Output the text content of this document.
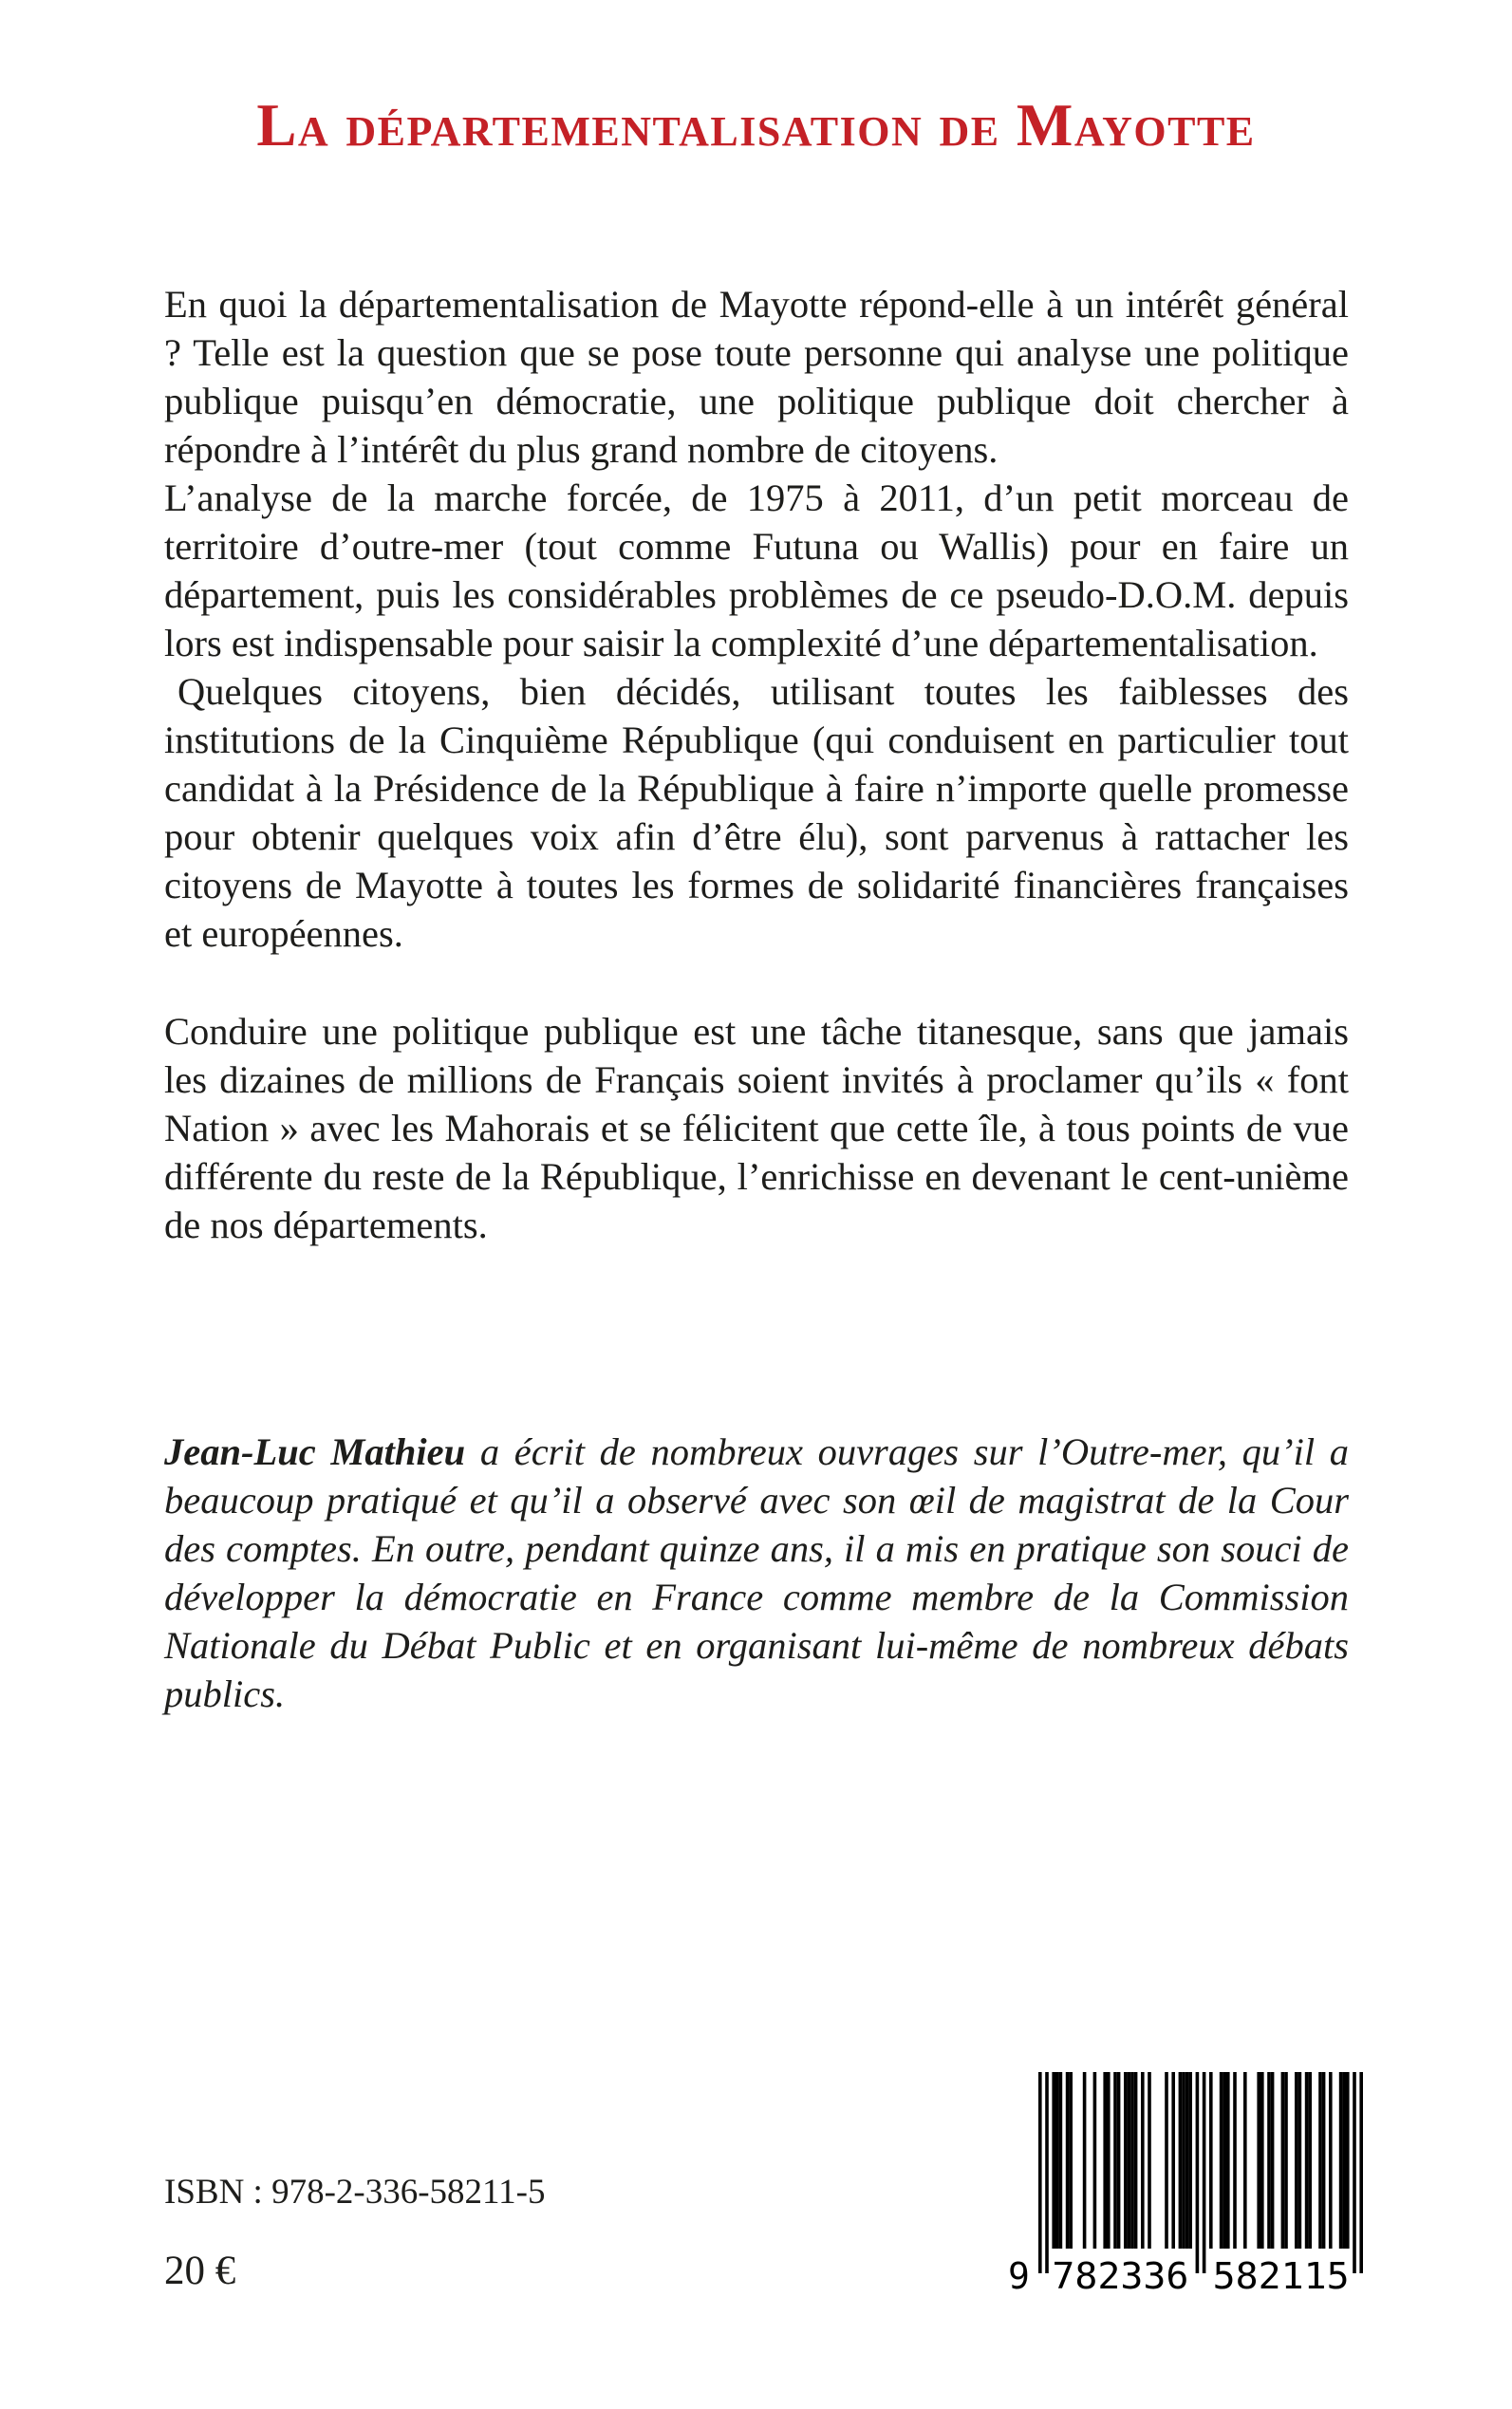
La départementalisation de Mayotte

En quoi la départementalisation de Mayotte répond-elle à un intérêt général ? Telle est la question que se pose toute personne qui analyse une politique publique puisqu’en démocratie, une politique publique doit chercher à répondre à l’intérêt du plus grand nombre de citoyens.

L’analyse de la marche forcée, de 1975 à 2011, d’un petit morceau de territoire d’outre-mer (tout comme Futuna ou Wallis) pour en faire un département, puis les considérables problèmes de ce pseudo-D.O.M. depuis lors est indispensable pour saisir la complexité d’une départementalisation.

Quelques citoyens, bien décidés, utilisant toutes les faiblesses des institutions de la Cinquième République (qui conduisent en particulier tout candidat à la Présidence de la République à faire n’importe quelle promesse pour obtenir quelques voix afin d’être élu), sont parvenus à rattacher les citoyens de Mayotte à toutes les formes de solidarité financières françaises et européennes.

Conduire une politique publique est une tâche titanesque, sans que jamais les dizaines de millions de Français soient invités à proclamer qu’ils « font Nation » avec les Mahorais et se félicitent que cette île, à tous points de vue différente du reste de la République, l’enrichisse en devenant le cent-unième de nos départements.

Jean-Luc Mathieu a écrit de nombreux ouvrages sur l’Outre-mer, qu’il a beaucoup pratiqué et qu’il a observé avec son œil de magistrat de la Cour des comptes. En outre, pendant quinze ans, il a mis en pratique son souci de développer la démocratie en France comme membre de la Commission Nationale du Débat Public et en organisant lui-même de nombreux débats publics.

ISBN : 978-2-336-58211-5
20 €	9 782336 582115
